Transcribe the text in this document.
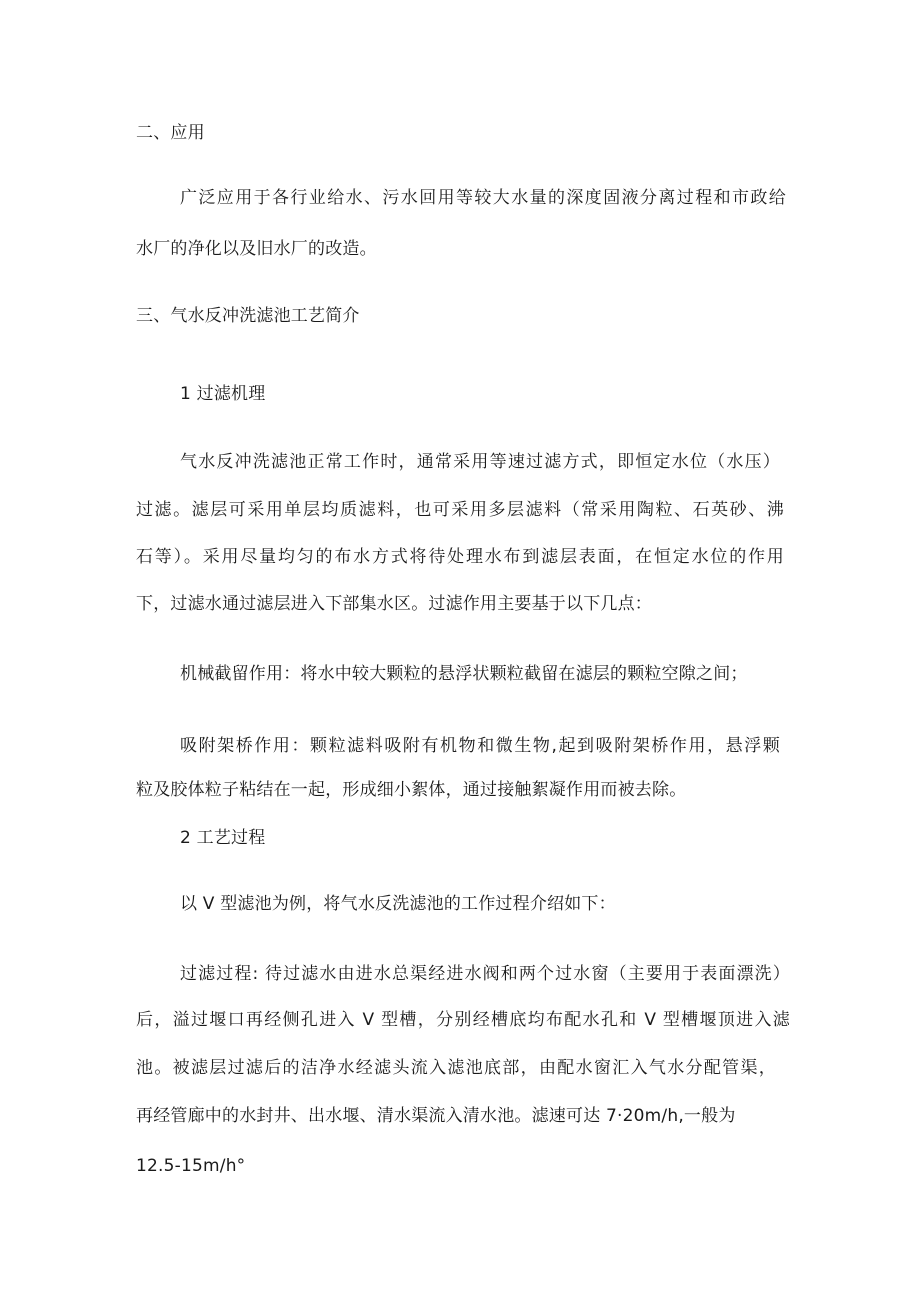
二、应用
广泛应用于各行业给水、污水回用等较大水量的深度固液分离过程和市政给
水厂的净化以及旧水厂的改造。
三、气水反冲洗滤池工艺简介
1 过滤机理
气水反冲洗滤池正常工作时，通常采用等速过滤方式，即恒定水位（水压）
过滤。滤层可采用单层均质滤料，也可采用多层滤料（常采用陶粒、石英砂、沸
石等）。采用尽量均匀的布水方式将待处理水布到滤层表面，在恒定水位的作用
下，过滤水通过滤层进入下部集水区。过滤作用主要基于以下几点：
机械截留作用：将水中较大颗粒的悬浮状颗粒截留在滤层的颗粒空隙之间；
吸附架桥作用：颗粒滤料吸附有机物和微生物,起到吸附架桥作用，悬浮颗
粒及胶体粒子粘结在一起，形成细小絮体，通过接触絮凝作用而被去除。
2 工艺过程
以 V 型滤池为例，将气水反洗滤池的工作过程介绍如下：
过滤过程: 待过滤水由进水总渠经进水阀和两个过水窗（主要用于表面漂洗）
后，溢过堰口再经侧孔进入 V 型槽，分别经槽底均布配水孔和 V 型槽堰顶进入滤
池。被滤层过滤后的洁净水经滤头流入滤池底部，由配水窗汇入气水分配管渠，
再经管廊中的水封井、出水堰、清水渠流入清水池。滤速可达 7·20m∕h,一般为
12.5-15m∕h°
